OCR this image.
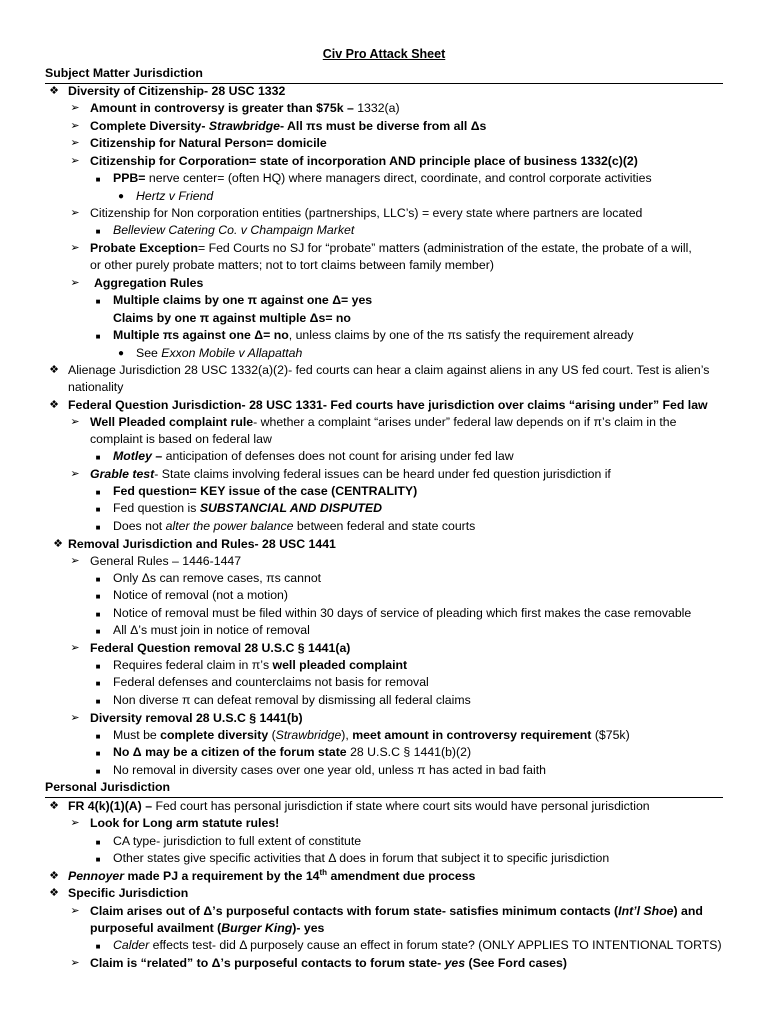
Civ Pro Attack Sheet
Subject Matter Jurisdiction
❖ Diversity of Citizenship- 28 USC 1332
➢ Amount in controversy is greater than $75k – 1332(a)
➢ Complete Diversity- Strawbridge- All πs must be diverse from all Δs
➢ Citizenship for Natural Person= domicile
➢ Citizenship for Corporation= state of incorporation AND principle place of business 1332(c)(2)
■	PPB= nerve center= (often HQ) where managers direct, coordinate, and control corporate activities
● Hertz v Friend
➢ Citizenship for Non corporation entities (partnerships, LLC’s) = every state where partners are located
■	Belleview Catering Co. v Champaign Market
➢ Probate Exception= Fed Courts no SJ for “probate” matters (administration of the estate, the probate of a will,
or other purely probate matters; not to tort claims between family member)
➢	Aggregation Rules
■	Multiple claims by one π against one Δ= yes
Claims by one π against multiple Δs= no
■	Multiple πs against one Δ= no, unless claims by one of the πs satisfy the requirement already
● See Exxon Mobile v Allapattah
❖ Alienage Jurisdiction 28 USC 1332(a)(2)- fed courts can hear a claim against aliens in any US fed court. Test is alien’s
nationality
❖ Federal Question Jurisdiction- 28 USC 1331- Fed courts have jurisdiction over claims “arising under” Fed law
➢ Well Pleaded complaint rule- whether a complaint “arises under” federal law depends on if π’s claim in the
complaint is based on federal law
■	Motley – anticipation of defenses does not count for arising under fed law
➢ Grable test- State claims involving federal issues can be heard under fed question jurisdiction if
■	Fed question= KEY issue of the case (CENTRALITY)
■	Fed question is SUBSTANCIAL AND DISPUTED
■	Does not alter the power balance between federal and state courts
❖ Removal Jurisdiction and Rules- 28 USC 1441
➢ General Rules – 1446-1447
■	Only Δs can remove cases, πs cannot
■	Notice of removal (not a motion)
■	Notice of removal must be filed within 30 days of service of pleading which first makes the case removable
■	All Δ’s must join in notice of removal
➢ Federal Question removal 28 U.S.C § 1441(a)
■	Requires federal claim in π’s well pleaded complaint
■	Federal defenses and counterclaims not basis for removal
■	Non diverse π can defeat removal by dismissing all federal claims
➢ Diversity removal 28 U.S.C § 1441(b)
■	Must be complete diversity (Strawbridge), meet amount in controversy requirement ($75k)
■	No Δ may be a citizen of the forum state 28 U.S.C § 1441(b)(2)
■	No removal in diversity cases over one year old, unless π has acted in bad faith
Personal Jurisdiction
❖ FR 4(k)(1)(A) – Fed court has personal jurisdiction if state where court sits would have personal jurisdiction
➢ Look for Long arm statute rules!
■	CA type- jurisdiction to full extent of constitute
■	Other states give specific activities that Δ does in forum that subject it to specific jurisdiction
❖ Pennoyer made PJ a requirement by the 14th amendment due process
❖ Specific Jurisdiction
➢ Claim arises out of Δ’s purposeful contacts with forum state- satisfies minimum contacts (Int’l Shoe) and
purposeful availment (Burger King)- yes
■	Calder effects test- did Δ purposely cause an effect in forum state? (ONLY APPLIES TO INTENTIONAL TORTS)
➢ Claim is “related” to Δ’s purposeful contacts to forum state- yes (See Ford cases)
